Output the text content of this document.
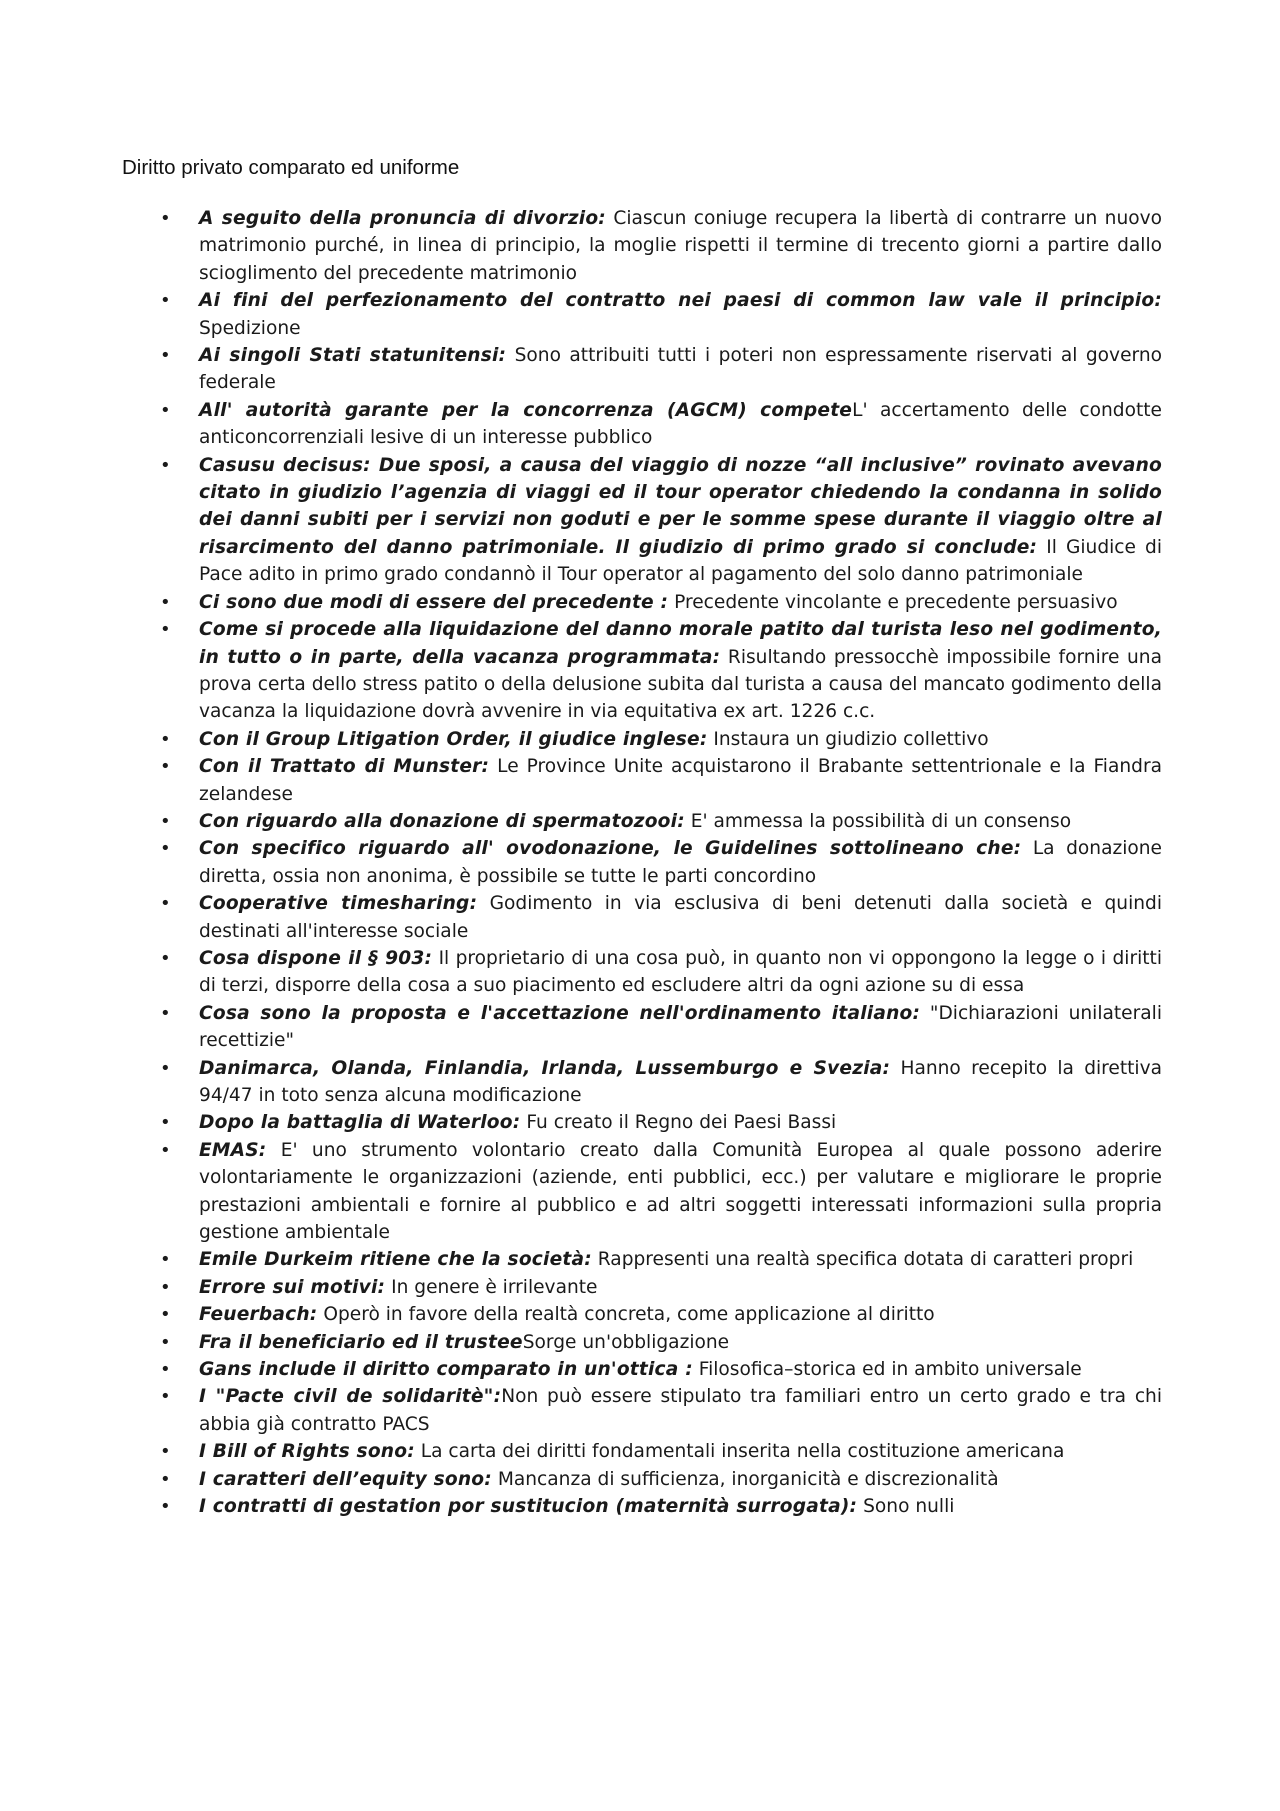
Diritto privato comparato ed uniforme
•	A seguito della pronuncia di divorzio: Ciascun coniuge recupera la libertà di contrarre un nuovo matrimonio purché, in linea di principio, la moglie rispetti il termine di trecento giorni a partire dallo scioglimento del precedente matrimonio
•	Ai fini del perfezionamento del contratto nei paesi di common law vale il principio: Spedizione
•	Ai singoli Stati statunitensi: Sono attribuiti tutti i poteri non espressamente riservati al governo federale
•	All' autorità garante per la concorrenza (AGCM) competeL' accertamento delle condotte anticoncorrenziali lesive di un interesse pubblico
•	Casusu decisus: Due sposi, a causa del viaggio di nozze “all inclusive” rovinato avevano citato in giudizio l’agenzia di viaggi ed il tour operator chiedendo la condanna in solido dei danni subiti per i servizi non goduti e per le somme spese durante il viaggio oltre al risarcimento del danno patrimoniale. Il giudizio di primo grado si conclude: Il Giudice di Pace adito in primo grado condannò il Tour operator al pagamento del solo danno patrimoniale
•	Ci sono due modi di essere del precedente : Precedente vincolante e precedente persuasivo
•	Come si procede alla liquidazione del danno morale patito dal turista leso nel godimento, in tutto o in parte, della vacanza programmata: Risultando pressocchè impossibile fornire una prova certa dello stress patito o della delusione subita dal turista a causa del mancato godimento della vacanza la liquidazione dovrà avvenire in via equitativa ex art. 1226 c.c.
•	Con il Group Litigation Order, il giudice inglese: Instaura un giudizio collettivo
•	Con il Trattato di Munster: Le Province Unite acquistarono il Brabante settentrionale e la Fiandra zelandese
•	Con riguardo alla donazione di spermatozooi: E' ammessa la possibilità di un consenso
•	Con specifico riguardo all' ovodonazione, le Guidelines sottolineano che: La donazione diretta, ossia non anonima, è possibile se tutte le parti concordino
•	Cooperative timesharing: Godimento in via esclusiva di beni detenuti dalla società e quindi destinati all'interesse sociale
•	Cosa dispone il § 903: Il proprietario di una cosa può, in quanto non vi oppongono la legge o i diritti di terzi, disporre della cosa a suo piacimento ed escludere altri da ogni azione su di essa
•	Cosa sono la proposta e l'accettazione nell'ordinamento italiano: "Dichiarazioni unilaterali recettizie"
•	Danimarca, Olanda, Finlandia, Irlanda, Lussemburgo e Svezia: Hanno recepito la direttiva 94/47 in toto senza alcuna modificazione
•	Dopo la battaglia di Waterloo: Fu creato il Regno dei Paesi Bassi
•	EMAS: E' uno strumento volontario creato dalla Comunità Europea al quale possono aderire volontariamente le organizzazioni (aziende, enti pubblici, ecc.) per valutare e migliorare le proprie prestazioni ambientali e fornire al pubblico e ad altri soggetti interessati informazioni sulla propria gestione ambientale
•	Emile Durkeim ritiene che la società: Rappresenti una realtà specifica dotata di caratteri propri
•	Errore sui motivi: In genere è irrilevante
•	Feuerbach: Operò in favore della realtà concreta, come applicazione al diritto
•	Fra il beneficiario ed il trusteeSorge un'obbligazione
•	Gans include il diritto comparato in un'ottica : Filosofica–storica ed in ambito universale
•	I "Pacte civil de solidaritè":Non può essere stipulato tra familiari entro un certo grado e tra chi abbia già contratto PACS
•	I Bill of Rights sono: La carta dei diritti fondamentali inserita nella costituzione americana
•	I caratteri dell’equity sono: Mancanza di sufficienza, inorganicità e discrezionalità
•	I contratti di gestation por sustitucion (maternità surrogata): Sono nulli
